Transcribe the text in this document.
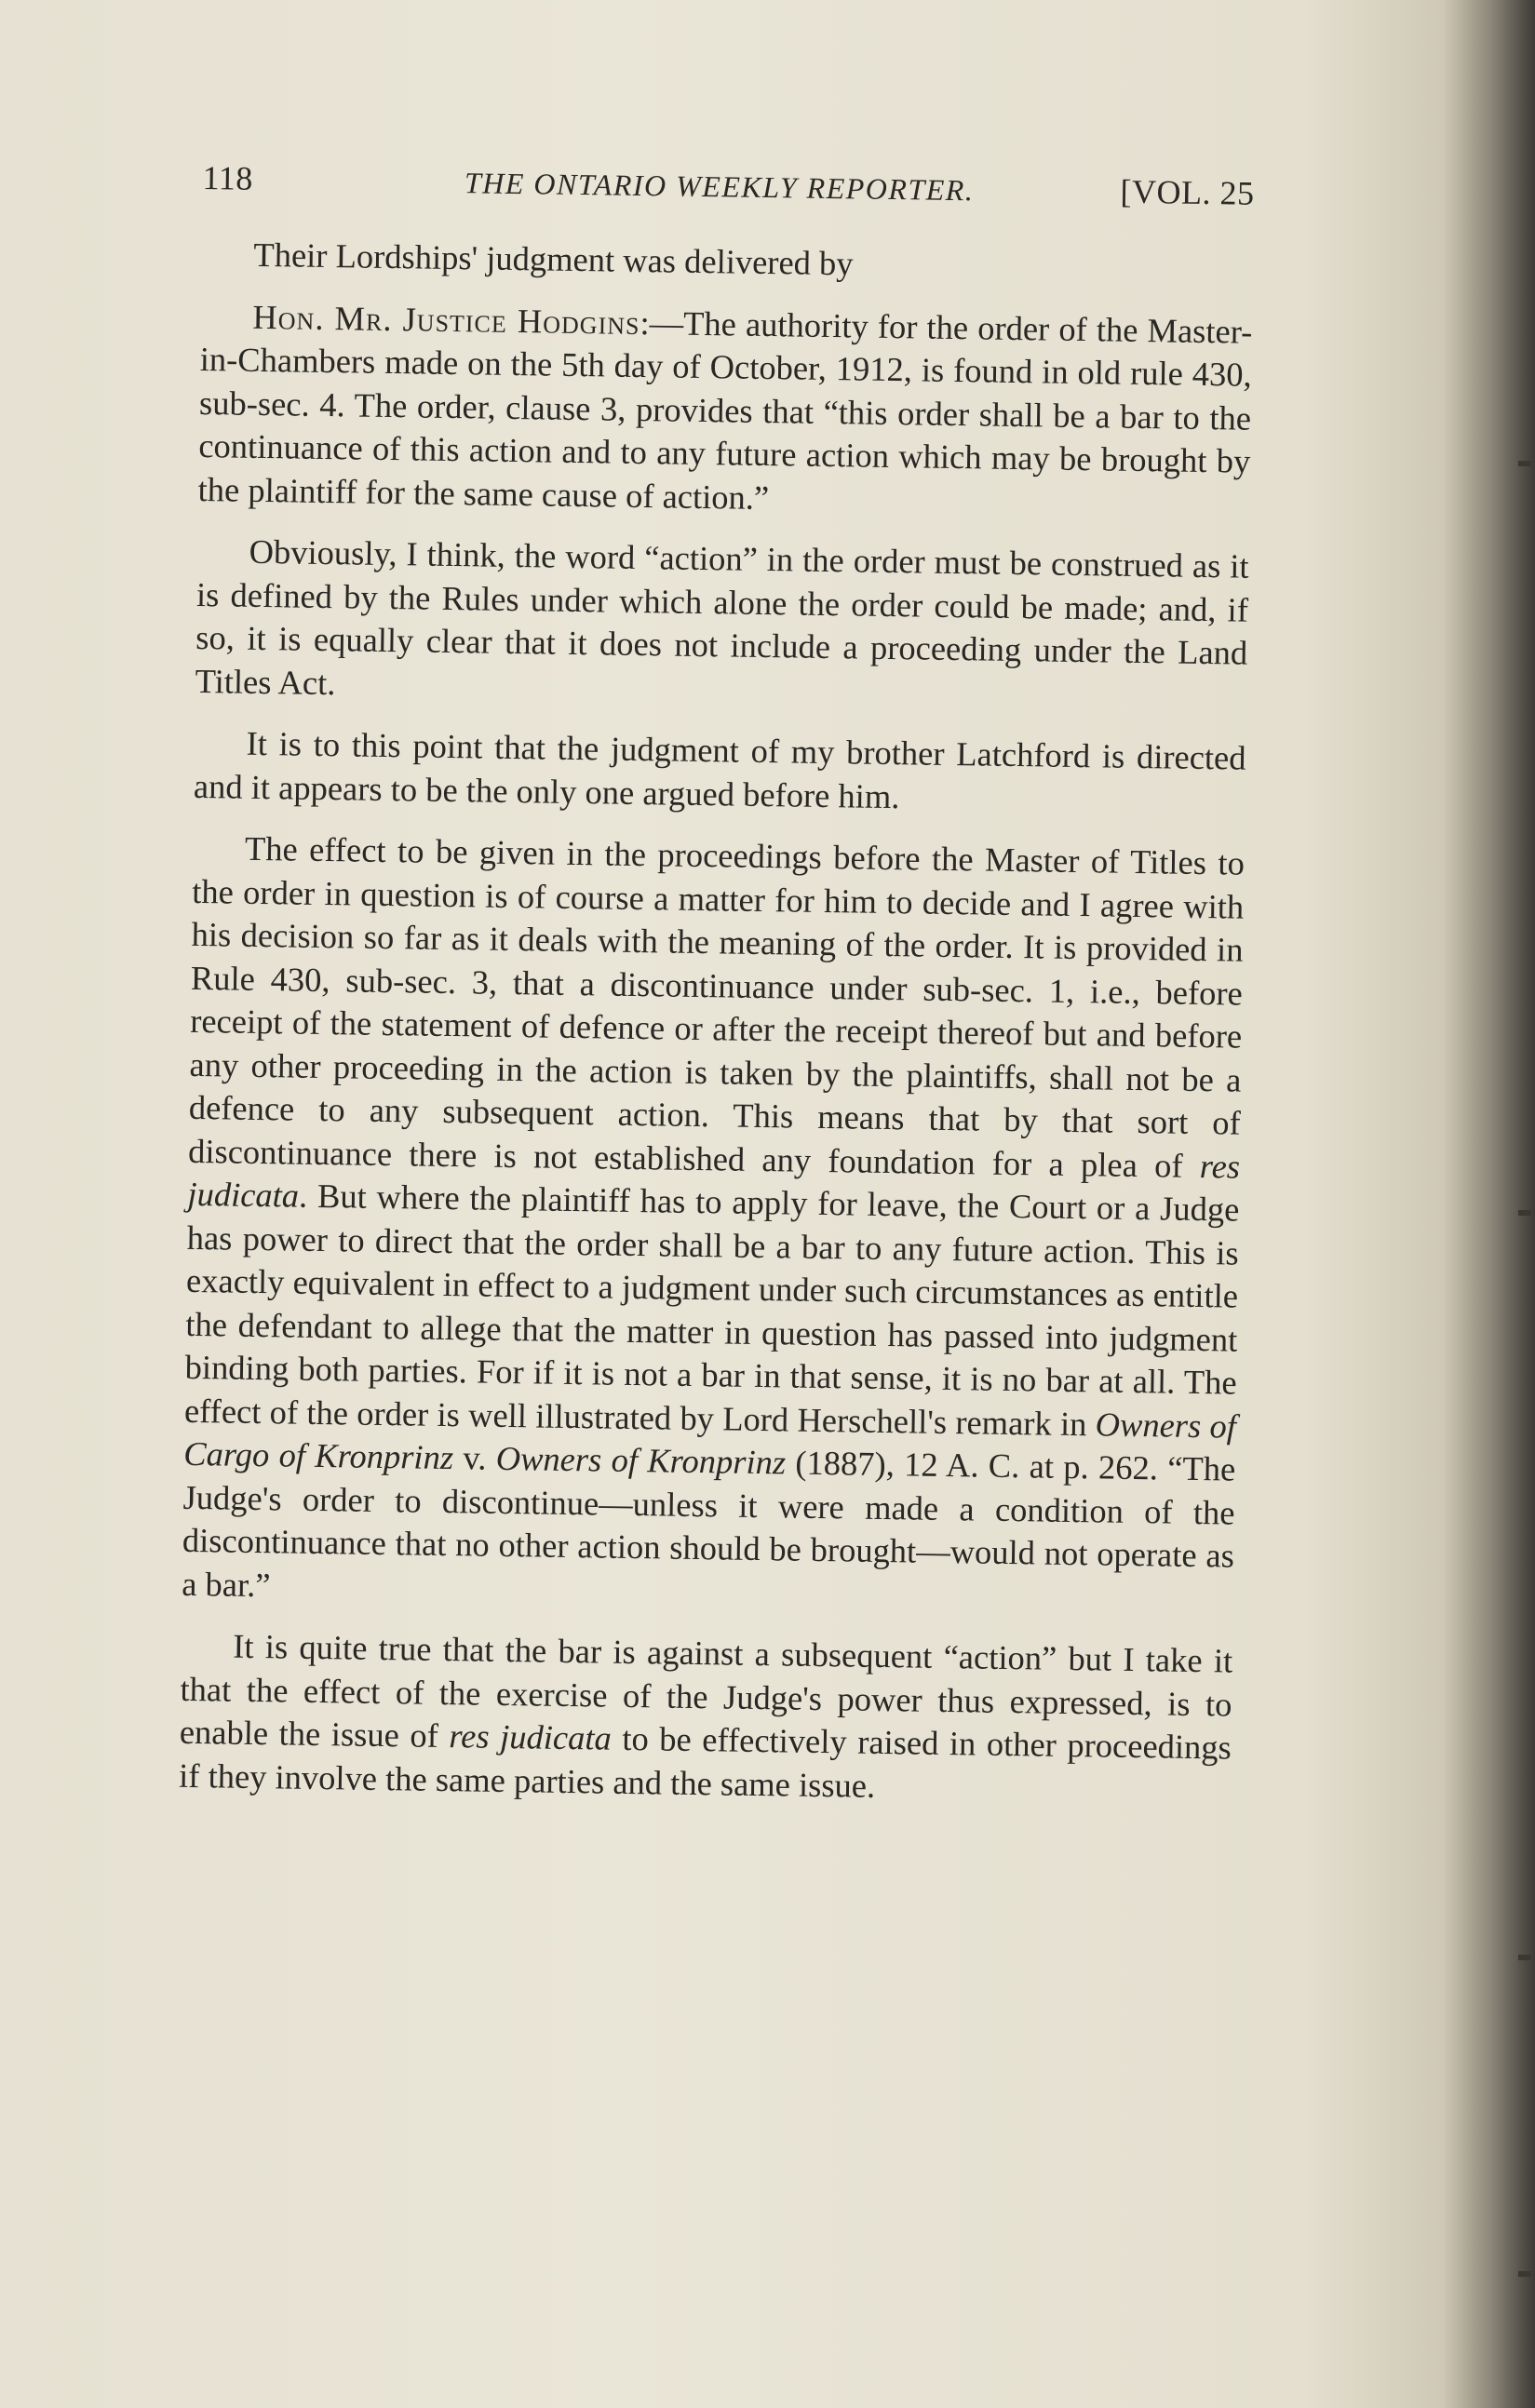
118	THE ONTARIO WEEKLY REPORTER.	[VOL. 25

Their Lordships' judgment was delivered by

Hon. Mr. Justice Hodgins:—The authority for the order of the Master-in-Chambers made on the 5th day of October, 1912, is found in old rule 430, sub-sec. 4. The order, clause 3, provides that “this order shall be a bar to the continuance of this action and to any future action which may be brought by the plaintiff for the same cause of action.”

Obviously, I think, the word “action” in the order must be construed as it is defined by the Rules under which alone the order could be made; and, if so, it is equally clear that it does not include a proceeding under the Land Titles Act.

It is to this point that the judgment of my brother Latchford is directed and it appears to be the only one argued before him.

The effect to be given in the proceedings before the Master of Titles to the order in question is of course a matter for him to decide and I agree with his decision so far as it deals with the meaning of the order. It is provided in Rule 430, sub-sec. 3, that a discontinuance under sub-sec. 1, i.e., before receipt of the statement of defence or after the receipt thereof but and before any other proceeding in the action is taken by the plaintiffs, shall not be a defence to any subsequent action. This means that by that sort of discontinuance there is not established any foundation for a plea of res judicata. But where the plaintiff has to apply for leave, the Court or a Judge has power to direct that the order shall be a bar to any future action. This is exactly equivalent in effect to a judgment under such circumstances as entitle the defendant to allege that the matter in question has passed into judgment binding both parties. For if it is not a bar in that sense, it is no bar at all. The effect of the order is well illustrated by Lord Herschell's remark in Owners of Cargo of Kronprinz v. Owners of Kronprinz (1887), 12 A. C. at p. 262. “The Judge's order to discontinue—unless it were made a condition of the discontinuance that no other action should be brought—would not operate as a bar.”

It is quite true that the bar is against a subsequent “action” but I take it that the effect of the exercise of the Judge's power thus expressed, is to enable the issue of res judicata to be effectively raised in other proceedings if they involve the same parties and the same issue.
